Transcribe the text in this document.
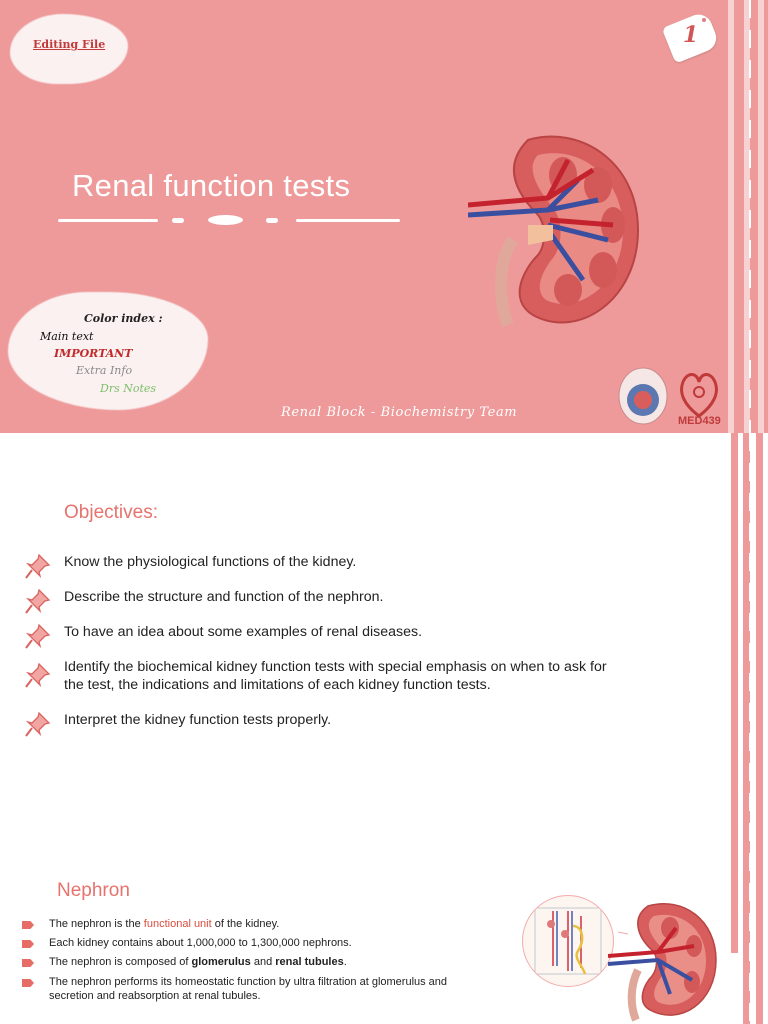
Editing File	1
Renal function tests
Color index :
Main text
IMPORTANT
Extra Info
Drs Notes
Renal Block - Biochemistry Team
MED439
Objectives:
Know the physiological functions of the kidney.
Describe the structure and function of the nephron.
To have an idea about some examples of renal diseases.
Identify the biochemical kidney function tests with special emphasis on when to ask for
the test, the indications and limitations of each kidney function tests.
Interpret the kidney function tests properly.
Nephron
The nephron is the functional unit of the kidney.
Each kidney contains about 1,000,000 to 1,300,000 nephrons.
The nephron is composed of glomerulus and renal tubules.
The nephron performs its homeostatic function by ultra filtration at glomerulus and
secretion and reabsorption at renal tubules.
